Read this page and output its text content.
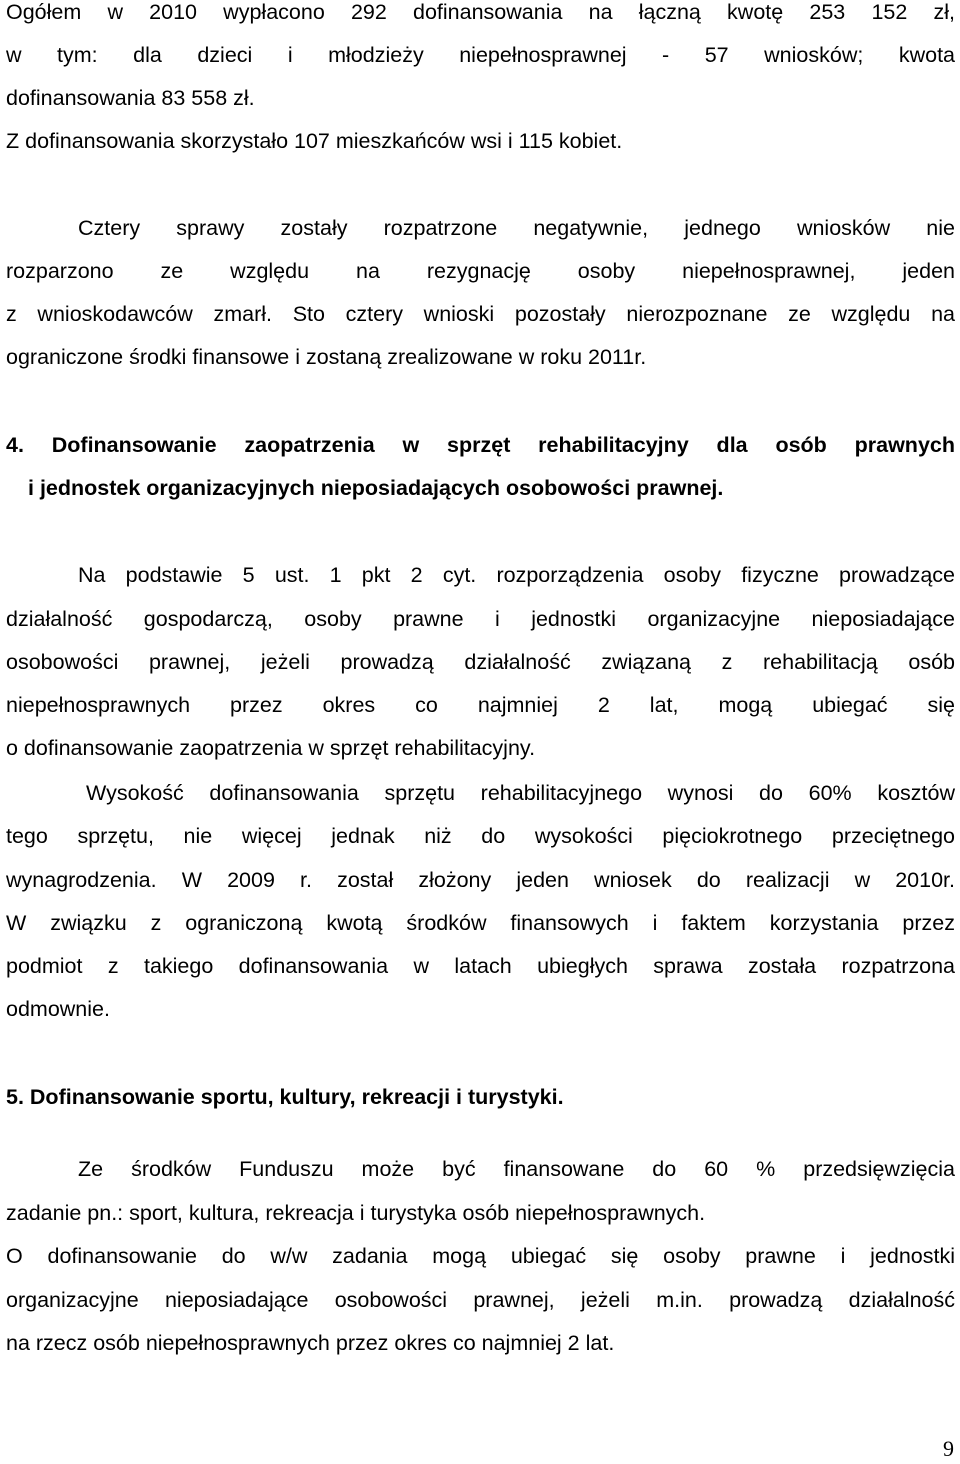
Ogółem w 2010 wypłacono 292 dofinansowania na łączną kwotę 253 152 zł,
w tym: dla dzieci i młodzieży niepełnosprawnej - 57 wniosków; kwota
dofinansowania 83 558 zł.
Z dofinansowania skorzystało 107 mieszkańców wsi i 115 kobiet.
Cztery sprawy zostały rozpatrzone negatywnie, jednego wniosków nie
rozparzono ze względu na rezygnację osoby niepełnosprawnej, jeden
z wnioskodawców zmarł. Sto cztery wnioski pozostały nierozpoznane ze względu na
ograniczone środki finansowe i zostaną zrealizowane w roku 2011r.
4. Dofinansowanie zaopatrzenia w sprzęt rehabilitacyjny dla osób prawnych
i jednostek organizacyjnych nieposiadających osobowości prawnej.
Na podstawie 5 ust. 1 pkt 2 cyt. rozporządzenia osoby fizyczne prowadzące
działalność gospodarczą, osoby prawne i jednostki organizacyjne nieposiadające
osobowości prawnej, jeżeli prowadzą działalność związaną z rehabilitacją osób
niepełnosprawnych przez okres co najmniej 2 lat, mogą ubiegać się
o dofinansowanie zaopatrzenia w sprzęt rehabilitacyjny.
Wysokość dofinansowania sprzętu rehabilitacyjnego wynosi do 60% kosztów
tego sprzętu, nie więcej jednak niż do wysokości pięciokrotnego przeciętnego
wynagrodzenia. W 2009 r. został złożony jeden wniosek do realizacji w 2010r.
W związku z ograniczoną kwotą środków finansowych i faktem korzystania przez
podmiot z takiego dofinansowania w latach ubiegłych sprawa została rozpatrzona
odmownie.
5. Dofinansowanie sportu, kultury, rekreacji i turystyki.
Ze środków Funduszu może być finansowane do 60 % przedsięwzięcia
zadanie pn.: sport, kultura, rekreacja i turystyka osób niepełnosprawnych.
O dofinansowanie do w/w zadania mogą ubiegać się osoby prawne i jednostki
organizacyjne nieposiadające osobowości prawnej, jeżeli m.in. prowadzą działalność
na rzecz osób niepełnosprawnych przez okres co najmniej 2 lat.
9
